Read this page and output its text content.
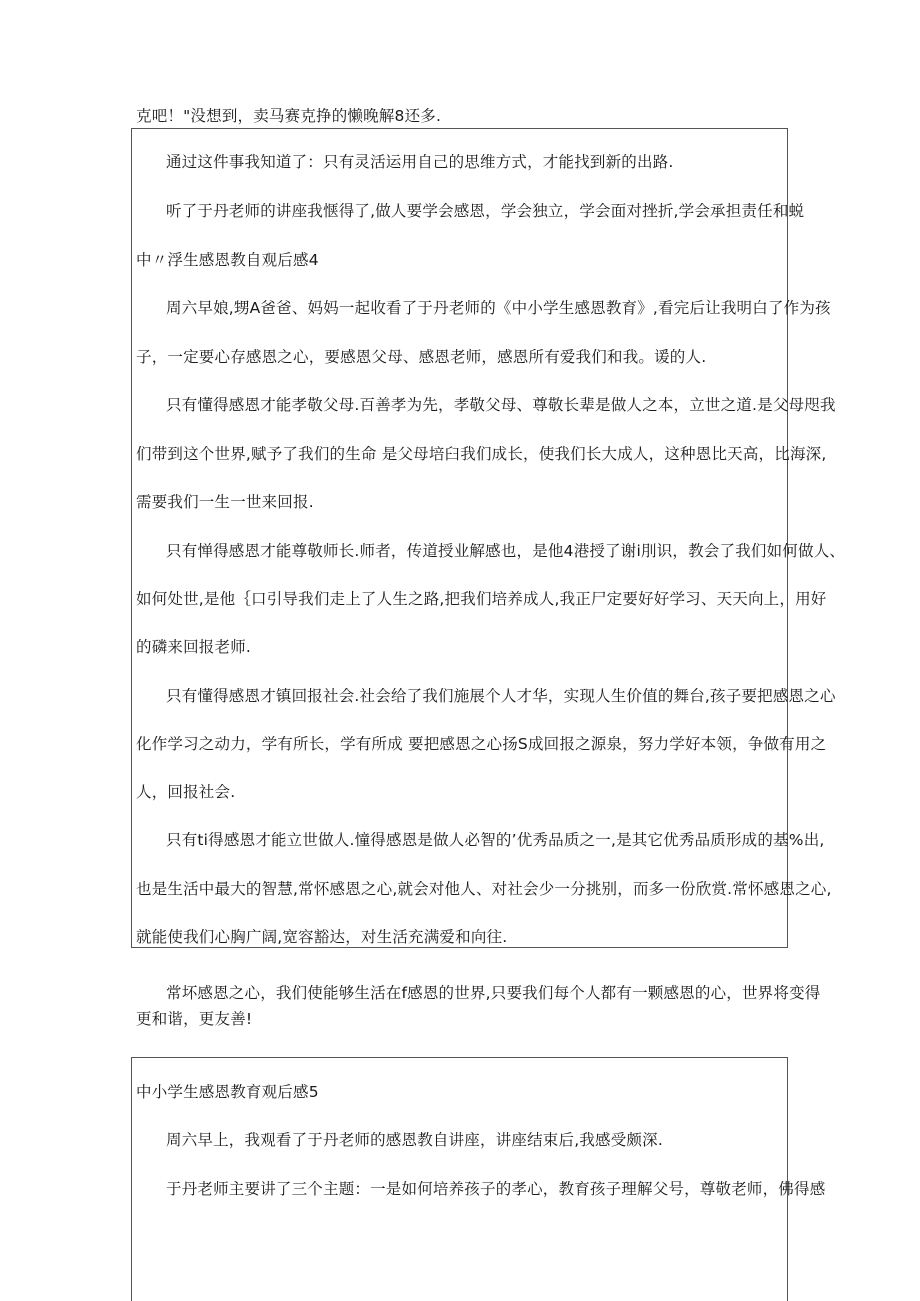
克吧！"没想到，卖马赛克挣的懒晚解8还多.
通过这件事我知道了：只有灵活运用自己的思维方式，才能找到新的出路.
听了于丹老师的讲座我惬得了,做人要学会感恩，学会独立，学会面对挫折,学会承担责任和蜕
中〃浮生感恩教自观后感4
周六早娘,甥A爸爸、妈妈一起收看了于丹老师的《中小学生感恩教育》,看完后让我明白了作为孩
子，一定要心存感恩之心，要感恩父母、感恩老师，感恩所有爱我们和我。谖的人.
只有懂得感恩才能孝敬父母.百善孝为先，孝敬父母、尊敬长辈是做人之本，立世之道.是父母咫我
们带到这个世界,赋予了我们的生命 是父母培臼我们成长，使我们长大成人，这种恩比天高，比海深,
需要我们一生一世来回报.
只有惮得感恩才能尊敬师长.师者，传道授业解感也，是他4港授了谢i刖识，教会了我们如何做人、
如何处世,是他｛口引导我们走上了人生之路,把我们培养成人,我正尸定要好好学习、天天向上，用好
的磷来回报老师.
只有懂得感恩才镇回报社会.社会给了我们施展个人才华，实现人生价值的舞台,孩子要把感恩之心
化作学习之动力，学有所长，学有所成 要把感恩之心扬S成回报之源泉，努力学好本领，争做有用之
人，回报社会.
只有ti得感恩才能立世做人.憧得感恩是做人必智的’优秀品质之一,是其它优秀品质形成的基%出,
也是生活中最大的智慧,常怀感恩之心,就会对他人、对社会少一分挑别，而多一份欣赏.常怀感恩之心,
就能使我们心胸广阔,宽容豁达，对生活充满爱和向往.
常坏感恩之心，我们使能够生活在f感恩的世界,只要我们每个人都有一颗感恩的心，世界将变得
更和谐，更友善!
中小学生感恩教育观后感5
周六早上，我观看了于丹老师的感恩教自讲座，讲座结束后,我感受颇深.
于丹老师主要讲了三个主题：一是如何培养孩子的孝心，教育孩子理解父号，尊敬老师，佛得感
